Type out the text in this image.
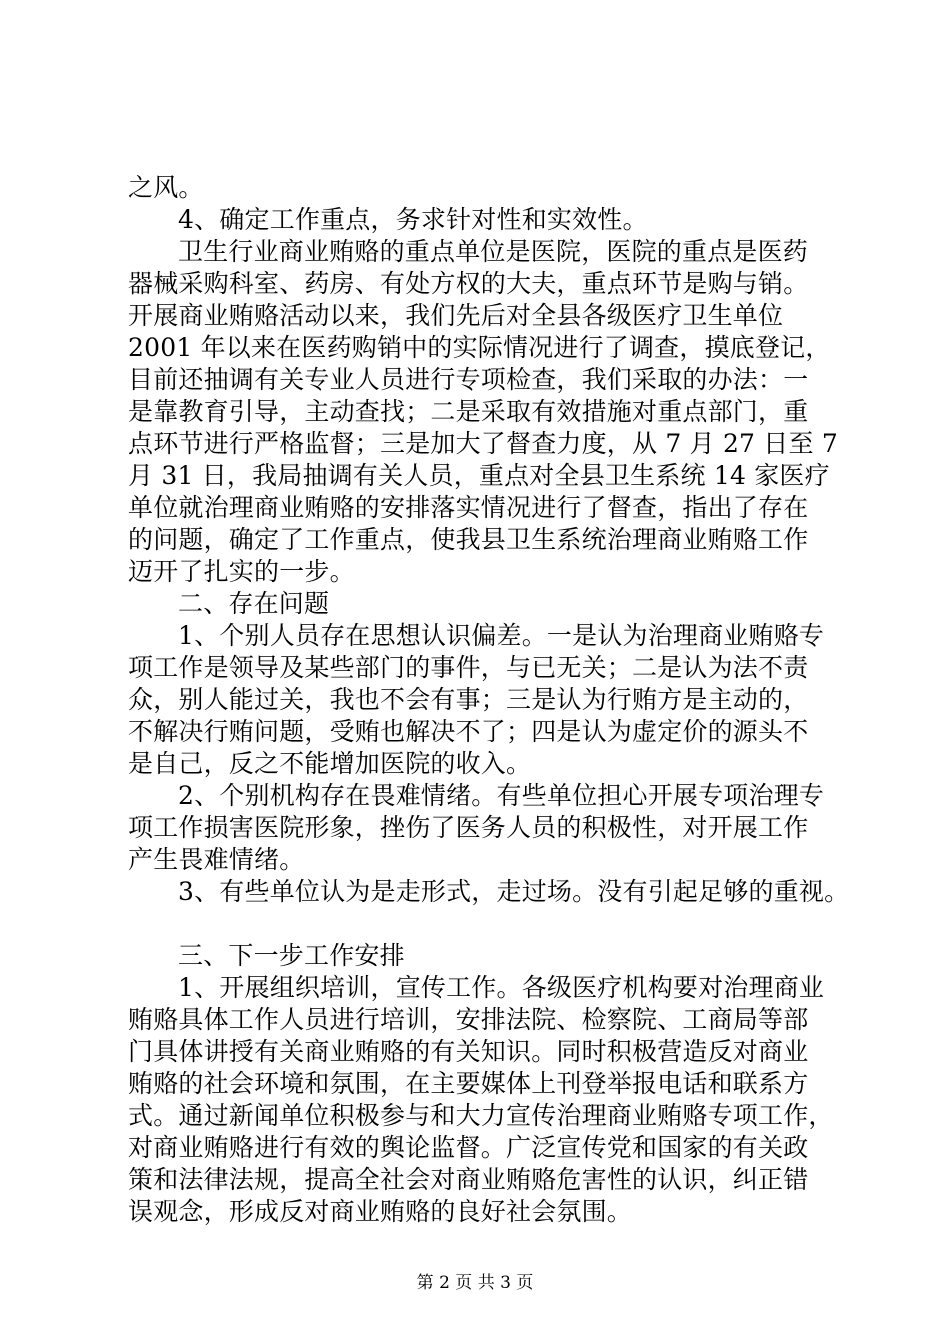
之风。
4、确定工作重点，务求针对性和实效性。
卫生行业商业贿赂的重点单位是医院，医院的重点是医药
器械采购科室、药房、有处方权的大夫，重点环节是购与销。
开展商业贿赂活动以来，我们先后对全县各级医疗卫生单位
2001 年以来在医药购销中的实际情况进行了调查，摸底登记，
目前还抽调有关专业人员进行专项检查，我们采取的办法：一
是靠教育引导，主动查找；二是采取有效措施对重点部门，重
点环节进行严格监督；三是加大了督查力度，从 7 月 27 日至 7
月 31 日，我局抽调有关人员，重点对全县卫生系统 14 家医疗
单位就治理商业贿赂的安排落实情况进行了督查，指出了存在
的问题，确定了工作重点，使我县卫生系统治理商业贿赂工作
迈开了扎实的一步。
二、存在问题
1、个别人员存在思想认识偏差。一是认为治理商业贿赂专
项工作是领导及某些部门的事件，与已无关；二是认为法不责
众，别人能过关，我也不会有事；三是认为行贿方是主动的，
不解决行贿问题，受贿也解决不了；四是认为虚定价的源头不
是自己，反之不能增加医院的收入。
2、个别机构存在畏难情绪。有些单位担心开展专项治理专
项工作损害医院形象，挫伤了医务人员的积极性，对开展工作
产生畏难情绪。
3、有些单位认为是走形式，走过场。没有引起足够的重视。
三、下一步工作安排
1、开展组织培训，宣传工作。各级医疗机构要对治理商业
贿赂具体工作人员进行培训，安排法院、检察院、工商局等部
门具体讲授有关商业贿赂的有关知识。同时积极营造反对商业
贿赂的社会环境和氛围，在主要媒体上刊登举报电话和联系方
式。通过新闻单位积极参与和大力宣传治理商业贿赂专项工作，
对商业贿赂进行有效的舆论监督。广泛宣传党和国家的有关政
策和法律法规，提高全社会对商业贿赂危害性的认识，纠正错
误观念，形成反对商业贿赂的良好社会氛围。
第 2 页 共 3 页
